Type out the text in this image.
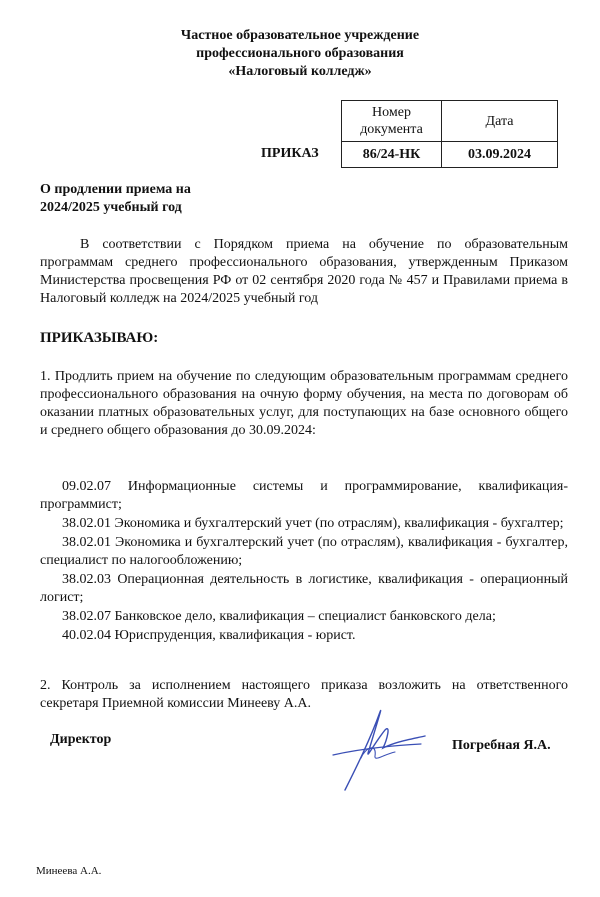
Частное образовательное учреждение
профессионального образования
«Налоговый колледж»
Номер документа	Дата
86/24-НК	03.09.2024
ПРИКАЗ
О продлении приема на
2024/2025 учебный год

В соответствии с Порядком приема на обучение по образовательным программам среднего профессионального образования, утвержденным Приказом Министерства просвещения РФ от 02 сентября 2020 года № 457 и Правилами приема в Налоговый колледж на 2024/2025 учебный год

ПРИКАЗЫВАЮ:

1. Продлить прием на обучение по следующим образовательным программам среднего профессионального образования на очную форму обучения, на места по договорам об оказании платных образовательных услуг, для поступающих на базе основного общего и среднего общего образования до 30.09.2024:

09.02.07 Информационные системы и программирование, квалификация-программист;

38.02.01 Экономика и бухгалтерский учет (по отраслям), квалификация - бухгалтер;

38.02.01 Экономика и бухгалтерский учет (по отраслям), квалификация - бухгалтер, специалист по налогообложению;

38.02.03 Операционная деятельность в логистике, квалификация - операционный логист;

38.02.07 Банковское дело, квалификация – специалист банковского дела;

40.02.04 Юриспруденция, квалификация - юрист.

2. Контроль за исполнением настоящего приказа возложить на ответственного секретаря Приемной комиссии Минееву А.А.

Директор	Погребная Я.А.
Минеева А.А.
